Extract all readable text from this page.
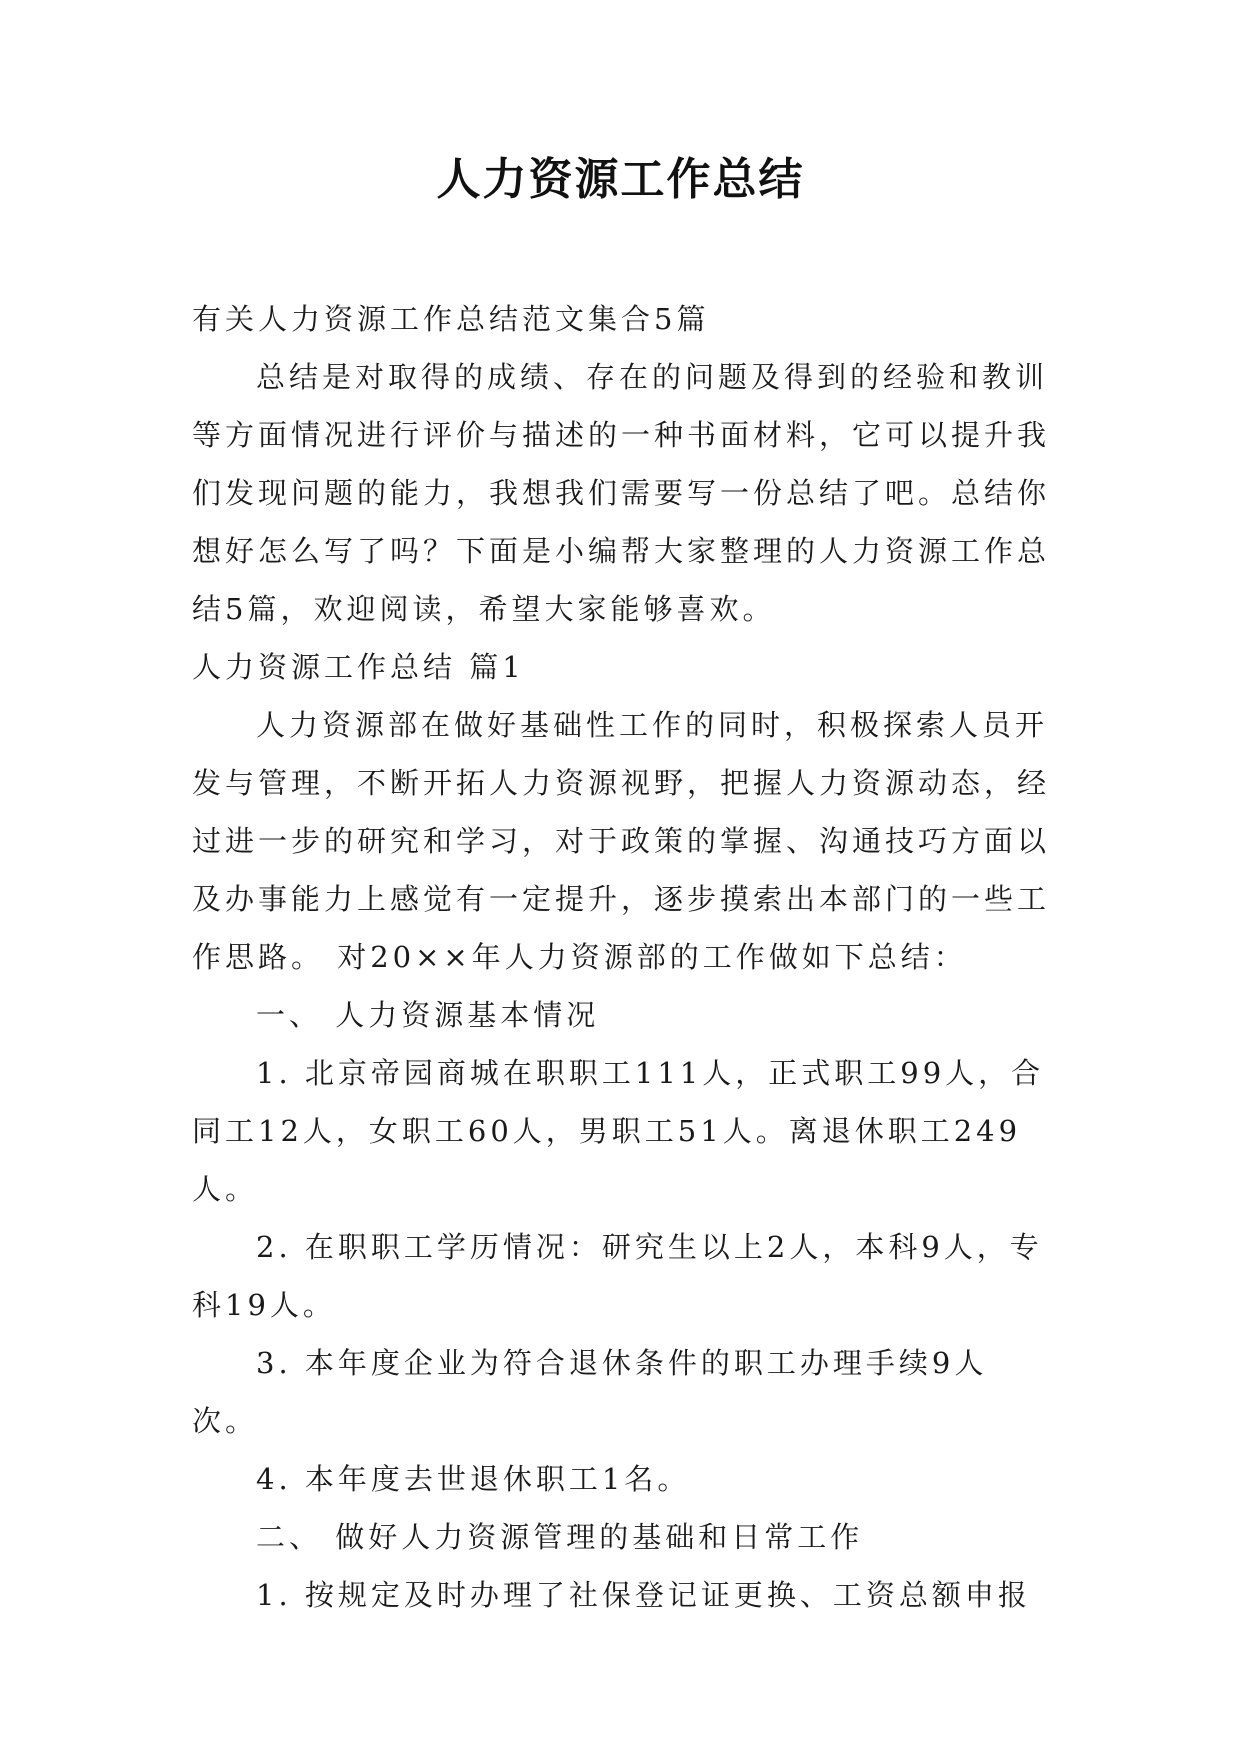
人力资源工作总结

有关人力资源工作总结范文集合5篇

总结是对取得的成绩、存在的问题及得到的经验和教训等方面情况进行评价与描述的一种书面材料，它可以提升我们发现问题的能力，我想我们需要写一份总结了吧。总结你想好怎么写了吗？下面是小编帮大家整理的人力资源工作总结5篇，欢迎阅读，希望大家能够喜欢。

人力资源工作总结 篇1

人力资源部在做好基础性工作的同时，积极探索人员开发与管理，不断开拓人力资源视野，把握人力资源动态，经过进一步的研究和学习，对于政策的掌握、沟通技巧方面以及办事能力上感觉有一定提升，逐步摸索出本部门的一些工作思路。 对20××年人力资源部的工作做如下总结：

一、 人力资源基本情况

1. 北京帝园商城在职职工111人，正式职工99人，合同工12人，女职工60人，男职工51人。离退休职工249人。

2. 在职职工学历情况：研究生以上2人，本科9人，专科19人。

3. 本年度企业为符合退休条件的职工办理手续9人次。

4. 本年度去世退休职工1名。

二、 做好人力资源管理的基础和日常工作

1. 按规定及时办理了社保登记证更换、工资总额申报
